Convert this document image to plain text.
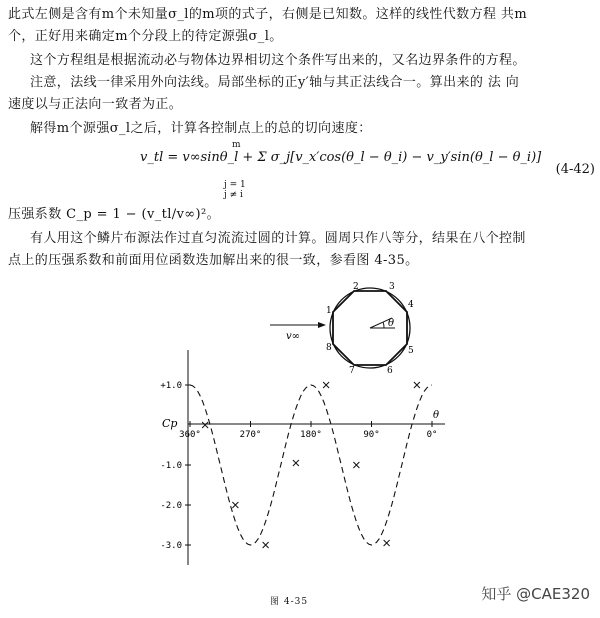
此式左侧是含有m个未知量σ_l的m项的式子，右侧是已知数。这样的线性代数方程 共m
个，正好用来确定m个分段上的待定源强σ_l。
这个方程组是根据流动必与物体边界相切这个条件写出来的，又名边界条件的方程。
注意，法线一律采用外向法线。局部坐标的正y′轴与其正法线合一。算出来的 法 向
速度以与正法向一致者为正。
解得m个源强σ_l之后，计算各控制点上的总的切向速度：
v_tl = v∞sinθ_l + Σ σ_j[v_x′cos(θ_l − θ_i) − v_y′sin(θ_l − θ_i)]
m
j = 1
j ≠ i
(4-42)
压强系数 C_p = 1 − (v_tl/v∞)²。
有人用这个鳞片布源法作过直匀流流过圆的计算。圆周只作八等分，结果在八个控制
点上的压强系数和前面用位函数迭加解出来的很一致，参看图 4-35。
θ
2	3
4
5
6
7
8
1
v∞
Cp
θ
+1.0
-1.0
-2.0
-3.0
360°	270°	180°	90°	0°
图 4-35	知乎 @CAE320
